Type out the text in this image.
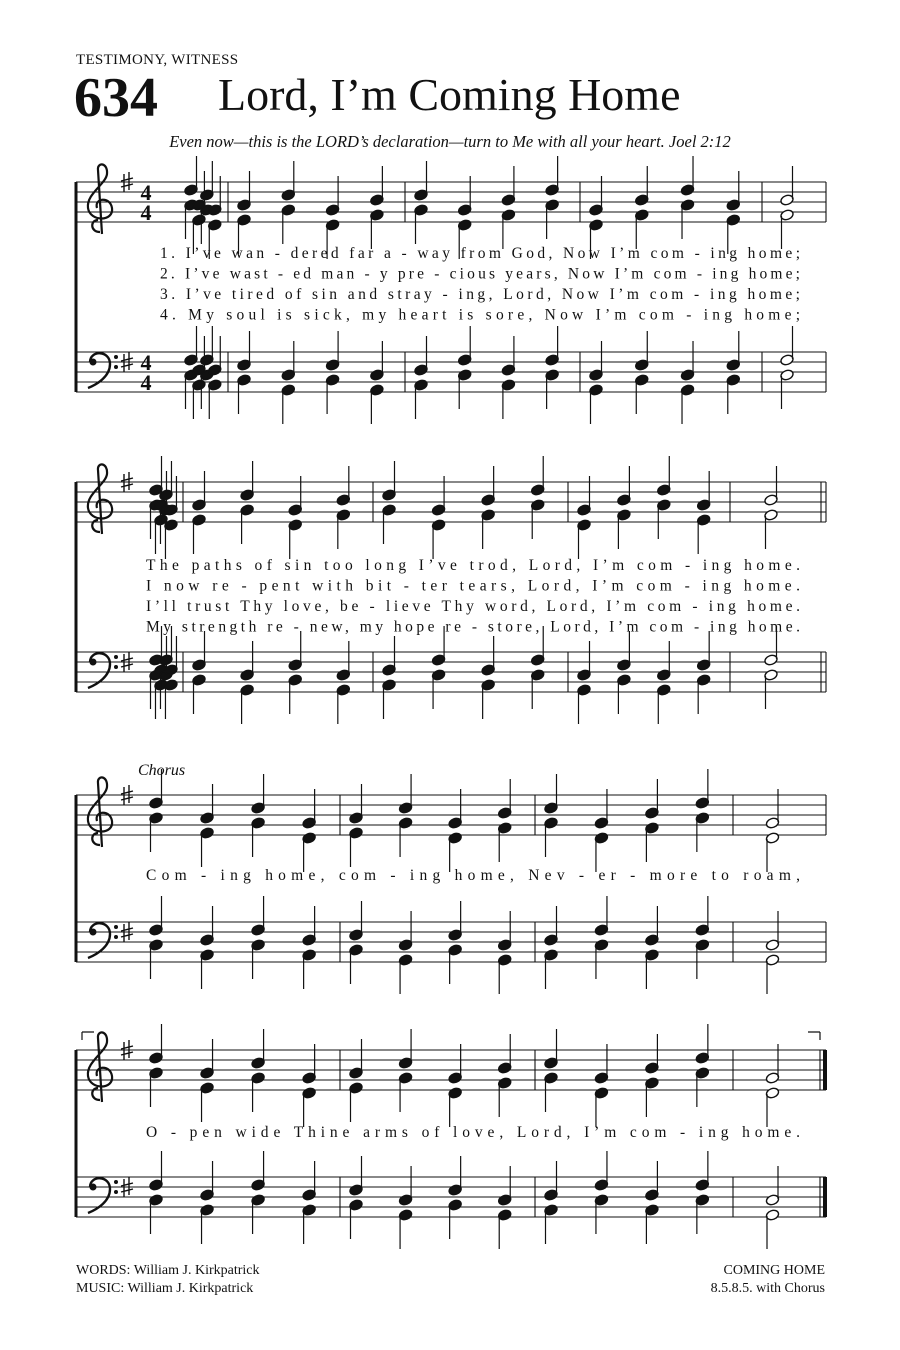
TESTIMONY, WITNESS
634 Lord, I’m Coming Home
Even now—this is the LORD’s declaration—turn to Me with all your heart. Joel 2:12
4
4
4
4
1. I’ve wan - dered far a - way from God, Now I’m com - ing home;
2. I’ve wast - ed man - y pre - cious years, Now I’m com - ing home;
3. I’ve tired of sin and stray - ing, Lord, Now I’m com - ing home;
4. My soul is sick, my heart is sore, Now I’m com - ing home;
The paths of sin too long I’ve trod, Lord, I’m com - ing home.
I now re - pent with bit - ter tears, Lord, I’m com - ing home.
I’ll trust Thy love, be - lieve Thy word, Lord, I’m com - ing home.
My strength re - new, my hope re - store, Lord, I’m com - ing home.
Chorus
Com - ing home, com - ing home, Nev - er - more to roam,
O - pen wide Thine arms of love, Lord, I’m com - ing home.
WORDS: William J. Kirkpatrick
MUSIC: William J. Kirkpatrick
COMING HOME
8.5.8.5. with Chorus
